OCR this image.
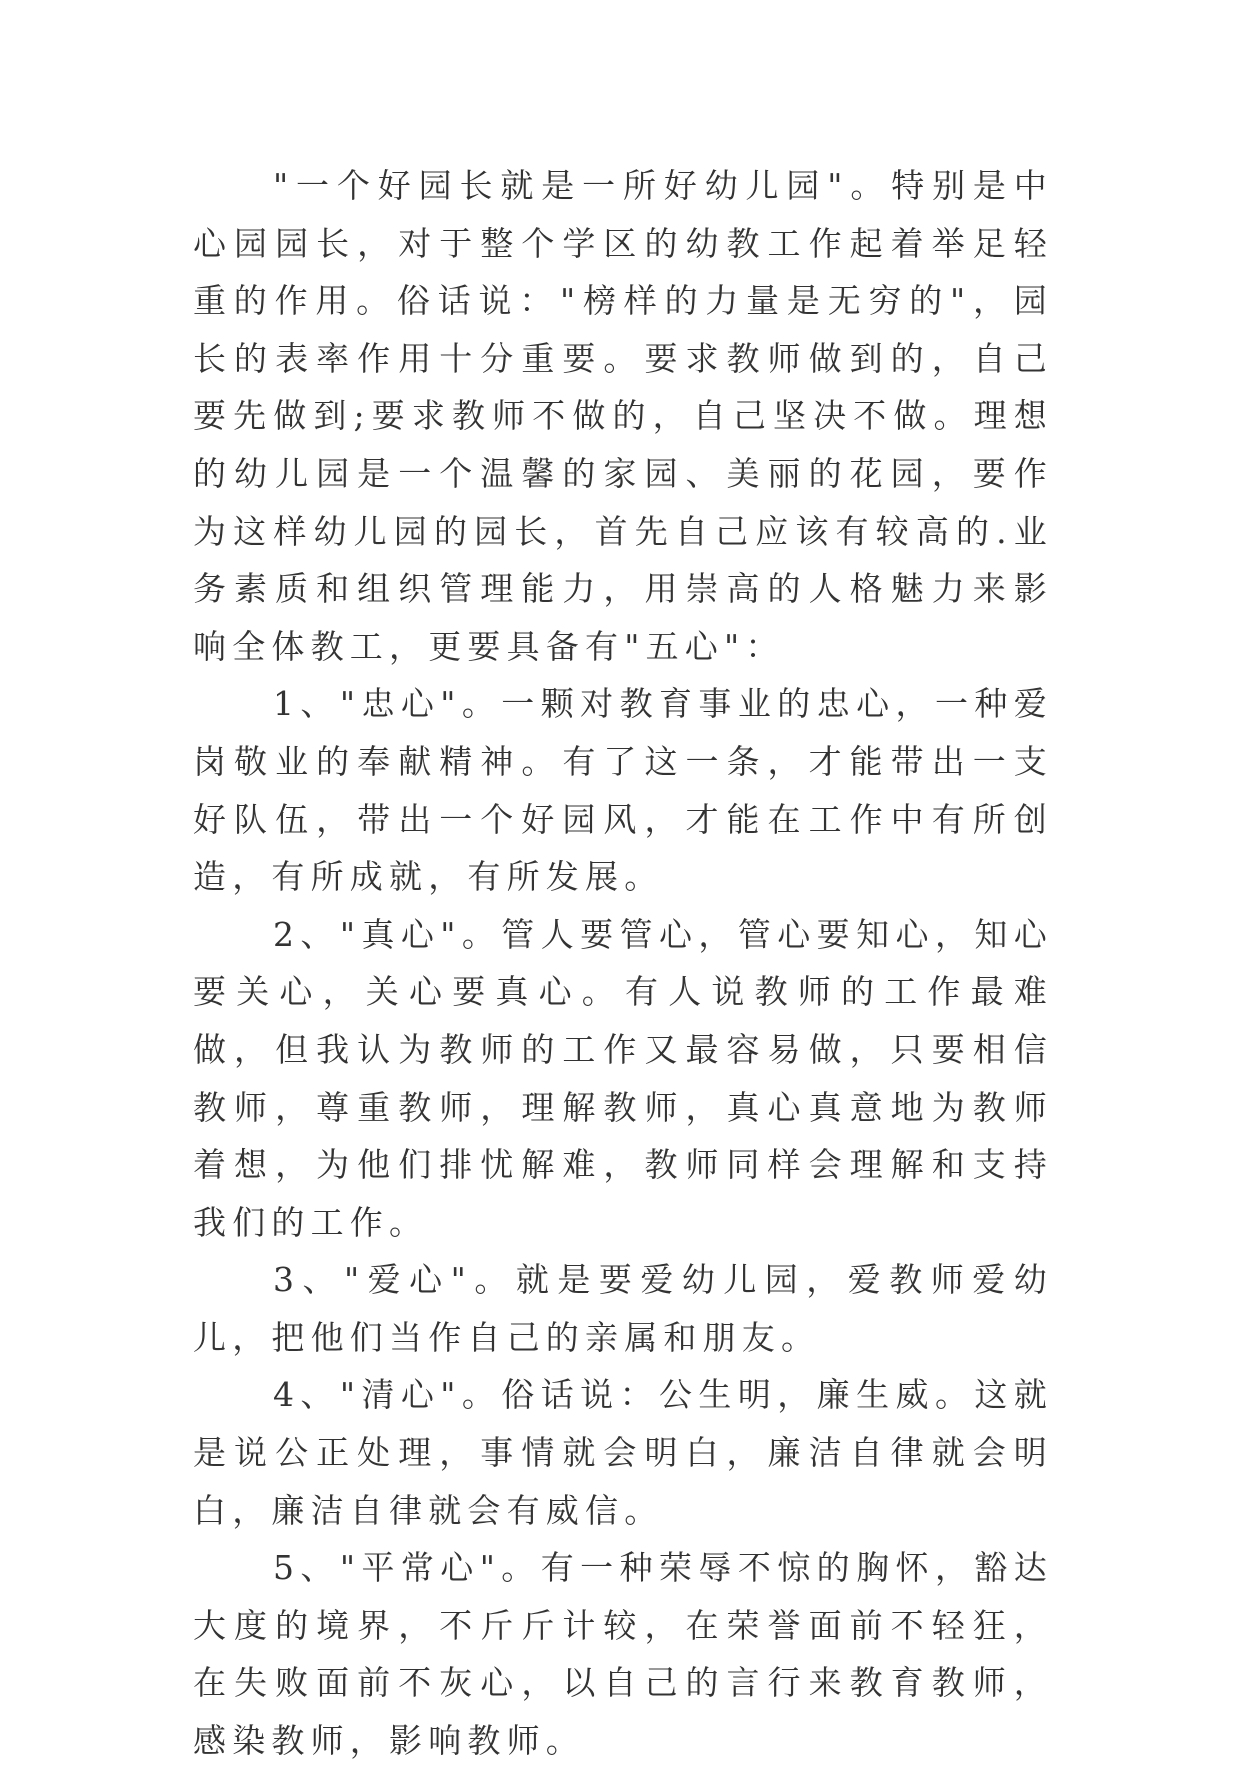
"一个好园长就是一所好幼儿园"。特别是中心园园长，对于整个学区的幼教工作起着举足轻重的作用。俗话说："榜样的力量是无穷的"，园长的表率作用十分重要。要求教师做到的，自己要先做到;要求教师不做的，自己坚决不做。理想的幼儿园是一个温馨的家园、美丽的花园，要作为这样幼儿园的园长，首先自己应该有较高的.业务素质和组织管理能力，用崇高的人格魅力来影响全体教工，更要具备有"五心"：

1、"忠心"。一颗对教育事业的忠心，一种爱岗敬业的奉献精神。有了这一条，才能带出一支好队伍，带出一个好园风，才能在工作中有所创造，有所成就，有所发展。

2、"真心"。管人要管心，管心要知心，知心要关心，关心要真心。有人说教师的工作最难做，但我认为教师的工作又最容易做，只要相信教师，尊重教师，理解教师，真心真意地为教师着想，为他们排忧解难，教师同样会理解和支持我们的工作。

3、"爱心"。就是要爱幼儿园，爱教师爱幼儿，把他们当作自己的亲属和朋友。

4、"清心"。俗话说：公生明，廉生威。这就是说公正处理，事情就会明白，廉洁自律就会明白，廉洁自律就会有威信。

5、"平常心"。有一种荣辱不惊的胸怀，豁达大度的境界，不斤斤计较，在荣誉面前不轻狂，在失败面前不灰心，以自己的言行来教育教师，感染教师，影响教师。
